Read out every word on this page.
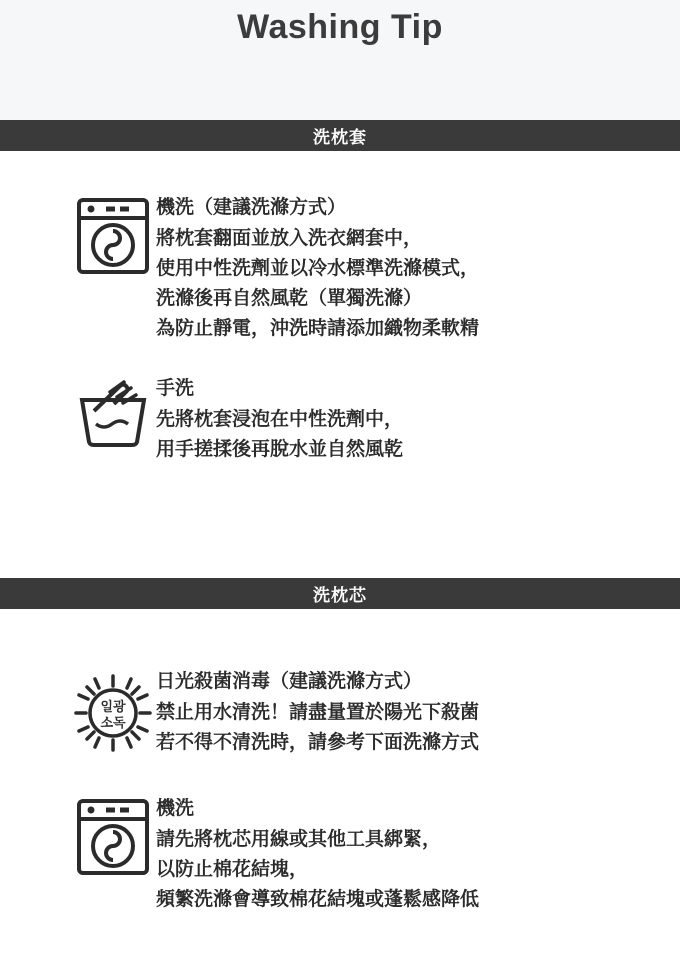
Washing Tip
洗枕套
機洗（建議洗滌方式）
將枕套翻面並放入洗衣網套中，
使用中性洗劑並以冷水標準洗滌模式，
洗滌後再自然風乾（單獨洗滌）
為防止靜電，沖洗時請添加織物柔軟精
手洗
先將枕套浸泡在中性洗劑中，
用手搓揉後再脫水並自然風乾
洗枕芯
일광
소독
日光殺菌消毒（建議洗滌方式）
禁止用水清洗！請盡量置於陽光下殺菌
若不得不清洗時，請參考下面洗滌方式
機洗
請先將枕芯用線或其他工具綁緊，
以防止棉花結塊，
頻繁洗滌會導致棉花結塊或蓬鬆感降低
